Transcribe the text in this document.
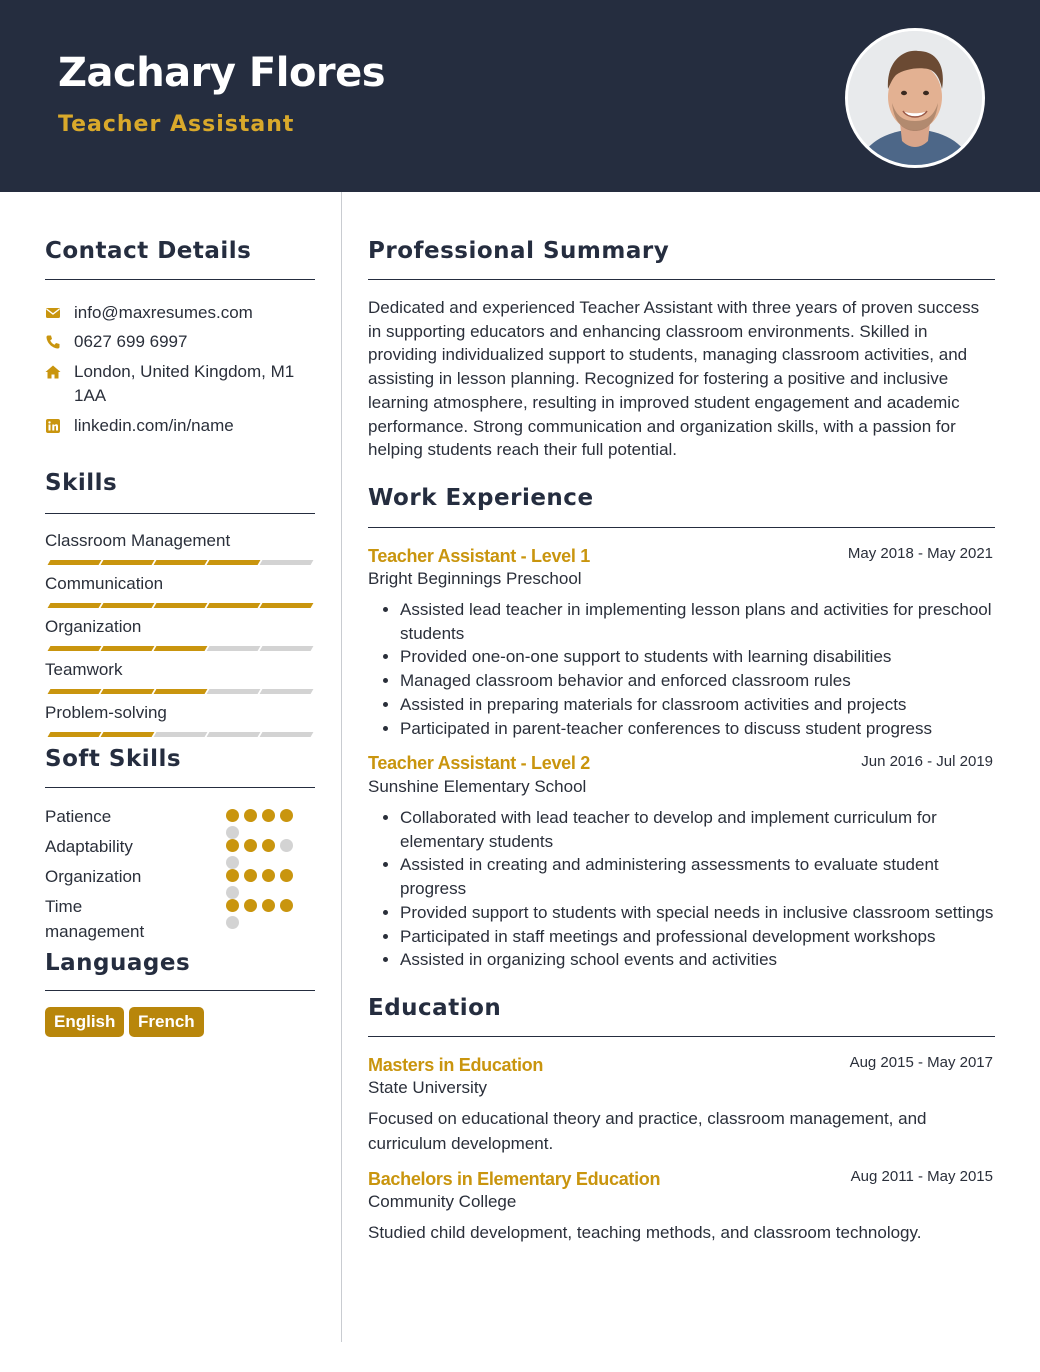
Zachary Flores
Teacher Assistant
Contact Details
info@maxresumes.com
0627 699 6997
London, United Kingdom, M1 1AA
linkedin.com/in/name
Skills
Classroom Management
Communication
Organization
Teamwork
Problem-solving
Soft Skills
Patience
Adaptability
Organization
Time management
Languages
English	French
Professional Summary
Dedicated and experienced Teacher Assistant with three years of proven success in supporting educators and enhancing classroom environments. Skilled in providing individualized support to students, managing classroom activities, and assisting in lesson planning. Recognized for fostering a positive and inclusive learning atmosphere, resulting in improved student engagement and academic performance. Strong communication and organization skills, with a passion for helping students reach their full potential.
Work Experience
Teacher Assistant - Level 1	May 2018 - May 2021
Bright Beginnings Preschool
• Assisted lead teacher in implementing lesson plans and activities for preschool students
• Provided one-on-one support to students with learning disabilities
• Managed classroom behavior and enforced classroom rules
• Assisted in preparing materials for classroom activities and projects
• Participated in parent-teacher conferences to discuss student progress
Teacher Assistant - Level 2	Jun 2016 - Jul 2019
Sunshine Elementary School
• Collaborated with lead teacher to develop and implement curriculum for elementary students
• Assisted in creating and administering assessments to evaluate student progress
• Provided support to students with special needs in inclusive classroom settings
• Participated in staff meetings and professional development workshops
• Assisted in organizing school events and activities
Education
Masters in Education	Aug 2015 - May 2017
State University
Focused on educational theory and practice, classroom management, and curriculum development.
Bachelors in Elementary Education	Aug 2011 - May 2015
Community College
Studied child development, teaching methods, and classroom technology.
